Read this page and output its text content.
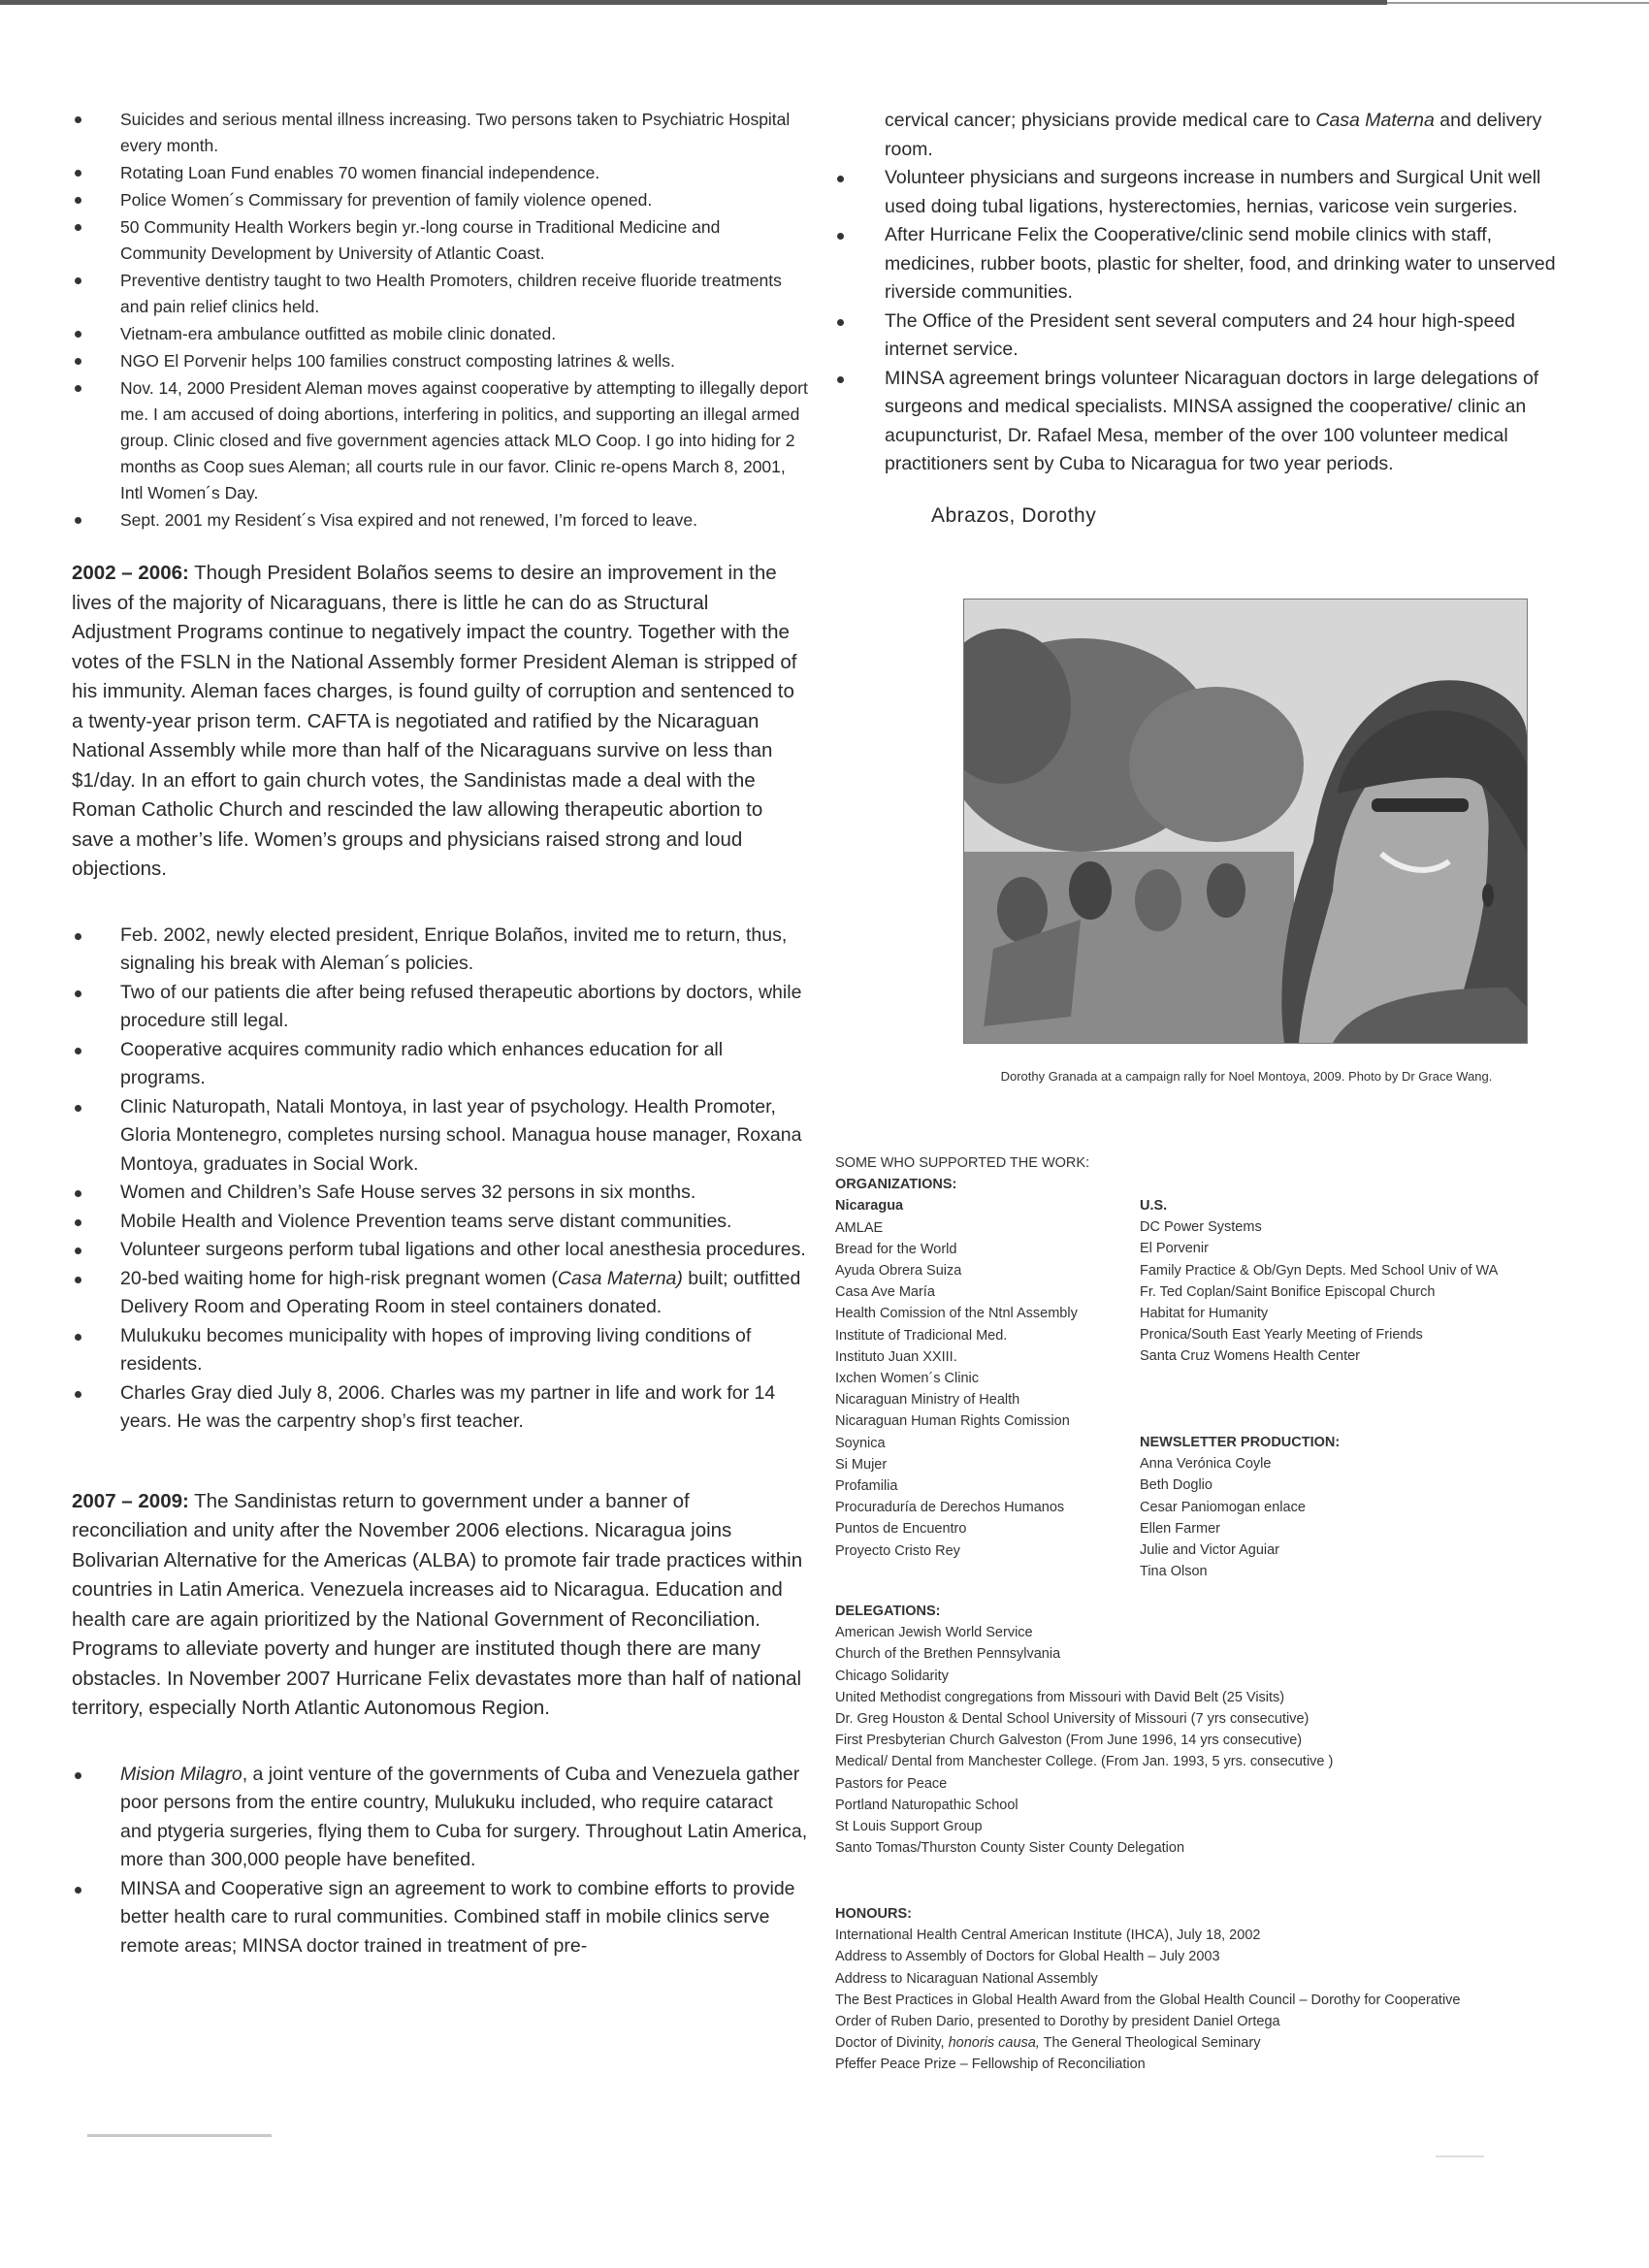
Suicides and serious mental illness increasing. Two persons taken to Psychiatric Hospital every month.
Rotating Loan Fund enables 70 women financial independence.
Police Women´s Commissary for prevention of family violence opened.
50 Community Health Workers begin yr.-long course in Traditional Medicine and Community Development by University of Atlantic Coast.
Preventive dentistry taught to two Health Promoters, children receive fluoride treatments and pain relief clinics held.
Vietnam-era ambulance outfitted as mobile clinic donated.
NGO El Porvenir helps 100 families construct composting latrines & wells.
Nov. 14, 2000 President Aleman moves against cooperative by attempting to illegally deport me. I am accused of doing abortions, interfering in politics, and supporting an illegal armed group. Clinic closed and five government agencies attack MLO Coop. I go into hiding for 2 months as Coop sues Aleman; all courts rule in our favor. Clinic re-opens March 8, 2001, Intl Women´s Day.
Sept. 2001 my Resident´s Visa expired and not renewed, I’m forced to leave.

2002 – 2006: Though President Bolaños seems to desire an improvement in the lives of the majority of Nicaraguans, there is little he can do as Structural Adjustment Programs continue to negatively impact the country. Together with the votes of the FSLN in the National Assembly former President Aleman is stripped of his immunity. Aleman faces charges, is found guilty of corruption and sentenced to a twenty-year prison term. CAFTA is negotiated and ratified by the Nicaraguan National Assembly while more than half of the Nicaraguans survive on less than $1/day. In an effort to gain church votes, the Sandinistas made a deal with the Roman Catholic Church and rescinded the law allowing therapeutic abortion to save a mother’s life. Women’s groups and physicians raised strong and loud objections.

Feb. 2002, newly elected president, Enrique Bolaños, invited me to return, thus, signaling his break with Aleman´s policies.
Two of our patients die after being refused therapeutic abortions by doctors, while procedure still legal.
Cooperative acquires community radio which enhances education for all programs.
Clinic Naturopath, Natali Montoya, in last year of psychology. Health Promoter, Gloria Montenegro, completes nursing school. Managua house manager, Roxana Montoya, graduates in Social Work.
Women and Children’s Safe House serves 32 persons in six months.
Mobile Health and Violence Prevention teams serve distant communities.
Volunteer surgeons perform tubal ligations and other local anesthesia procedures.
20-bed waiting home for high-risk pregnant women (Casa Materna) built; outfitted Delivery Room and Operating Room in steel containers donated.
Mulukuku becomes municipality with hopes of improving living conditions of residents.
Charles Gray died July 8, 2006. Charles was my partner in life and work for 14 years. He was the carpentry shop’s first teacher.

2007 – 2009: The Sandinistas return to government under a banner of reconciliation and unity after the November 2006 elections. Nicaragua joins Bolivarian Alternative for the Americas (ALBA) to promote fair trade practices within countries in Latin America. Venezuela increases aid to Nicaragua. Education and health care are again prioritized by the National Government of Reconciliation. Programs to alleviate poverty and hunger are instituted though there are many obstacles. In November 2007 Hurricane Felix devastates more than half of national territory, especially North Atlantic Autonomous Region.

Mision Milagro, a joint venture of the governments of Cuba and Venezuela gather poor persons from the entire country, Mulukuku included, who require cataract and ptygeria surgeries, flying them to Cuba for surgery. Throughout Latin America, more than 300,000 people have benefited.
MINSA and Cooperative sign an agreement to work to combine efforts to provide better health care to rural communities. Combined staff in mobile clinics serve remote areas; MINSA doctor trained in treatment of pre-
cervical cancer; physicians provide medical care to Casa Materna and delivery room.
Volunteer physicians and surgeons increase in numbers and Surgical Unit well used doing tubal ligations, hysterectomies, hernias, varicose vein surgeries.
After Hurricane Felix the Cooperative/clinic send mobile clinics with staff, medicines, rubber boots, plastic for shelter, food, and drinking water to unserved riverside communities.
The Office of the President sent several computers and 24 hour high-speed internet service.
MINSA agreement brings volunteer Nicaraguan doctors in large delegations of surgeons and medical specialists. MINSA assigned the cooperative/ clinic an acupuncturist, Dr. Rafael Mesa, member of the over 100 volunteer medical practitioners sent by Cuba to Nicaragua for two year periods.
Abrazos, Dorothy
Dorothy Granada at a campaign rally for Noel Montoya, 2009. Photo by Dr Grace Wang.
SOME WHO SUPPORTED THE WORK:
ORGANIZATIONS:
Nicaragua
AMLAE
Bread for the World
Ayuda Obrera Suiza
Casa Ave María
Health Comission of the Ntnl Assembly
Institute of Tradicional Med.
Instituto Juan XXIII.
Ixchen Women´s Clinic
Nicaraguan Ministry of Health
Nicaraguan Human Rights Comission
Soynica
Si Mujer
Profamilia
Procuraduría de Derechos Humanos
Puntos de Encuentro
Proyecto Cristo Rey
U.S.
DC Power Systems
El Porvenir
Family Practice & Ob/Gyn Depts. Med School Univ of WA
Fr. Ted Coplan/Saint Bonifice Episcopal Church
Habitat for Humanity
Pronica/South East Yearly Meeting of Friends
Santa Cruz Womens Health Center
NEWSLETTER PRODUCTION:
Anna Verónica Coyle
Beth Doglio
Cesar Paniomogan enlace
Ellen Farmer
Julie and Victor Aguiar
Tina Olson
DELEGATIONS:
American Jewish World Service
Church of the Brethen Pennsylvania
Chicago Solidarity
United Methodist congregations from Missouri with David Belt (25 Visits)
Dr. Greg Houston & Dental School University of Missouri (7 yrs consecutive)
First Presbyterian Church Galveston (From June 1996, 14 yrs consecutive)
Medical/ Dental from Manchester College. (From Jan. 1993, 5 yrs. consecutive )
Pastors for Peace
Portland Naturopathic School
St Louis Support Group
Santo Tomas/Thurston County Sister County Delegation
HONOURS:
International Health Central American Institute (IHCA), July 18, 2002
Address to Assembly of Doctors for Global Health – July 2003
Address to Nicaraguan National Assembly
The Best Practices in Global Health Award from the Global Health Council – Dorothy for Cooperative
Order of Ruben Dario, presented to Dorothy by president Daniel Ortega
Doctor of Divinity, honoris causa, The General Theological Seminary
Pfeffer Peace Prize – Fellowship of Reconciliation
